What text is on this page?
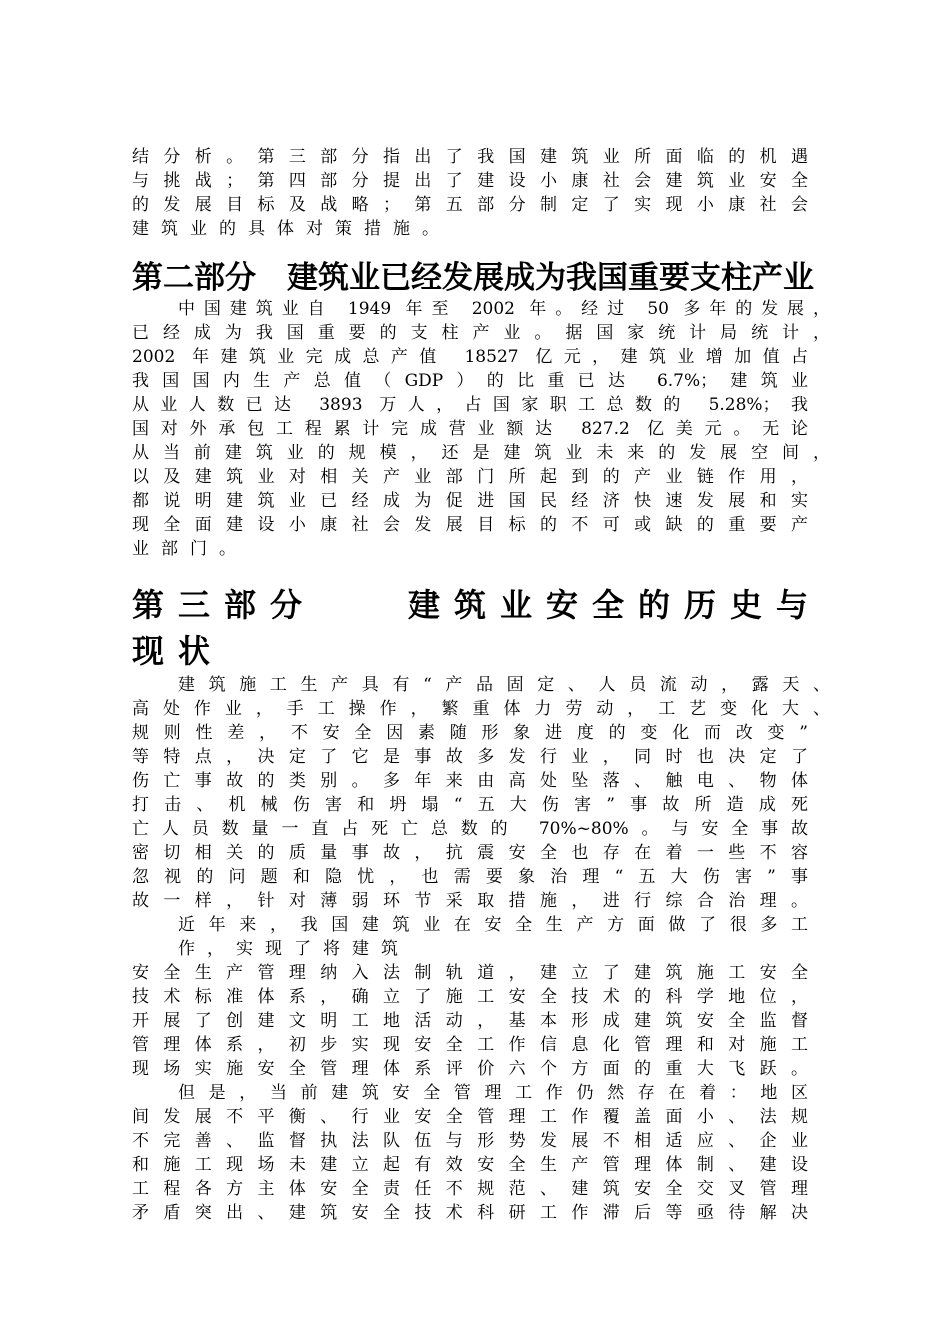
结分析。第三部分指出了我国建筑业所面临的机遇
与挑战；第四部分提出了建设小康社会建筑业安全
的发展目标及战略；第五部分制定了实现小康社会
建筑业的具体对策措施。
第二部分　建筑业已经发展成为我国重要支柱产业
中国建筑业自 1949 年至 2002 年。经过 50 多年的发展，
已经成为我国重要的支柱产业。据国家统计局统计，
2002 年建筑业完成总产值 18527 亿元，建筑业增加值占
我国国内生产总值（GDP）的比重已达 6.7%；建筑业
从业人数已达 3893 万人，占国家职工总数的 5.28%；我
国对外承包工程累计完成营业额达 827.2 亿美元。无论
从当前建筑业的规模，还是建筑业未来的发展空间，
以及建筑业对相关产业部门所起到的产业链作用，
都说明建筑业已经成为促进国民经济快速发展和实
现全面建设小康社会发展目标的不可或缺的重要产
业部门。
第三部分　　建筑业安全的历史与
现状
建筑施工生产具有“产品固定、人员流动，露天、
高处作业，手工操作，繁重体力劳动，工艺变化大、
规则性差，不安全因素随形象进度的变化而改变”
等特点，决定了它是事故多发行业，同时也决定了
伤亡事故的类别。多年来由高处坠落、触电、物体
打击、机械伤害和坍塌“五大伤害”事故所造成死
亡人员数量一直占死亡总数的 70%~80%。与安全事故
密切相关的质量事故，抗震安全也存在着一些不容
忽视的问题和隐忧，也需要象治理“五大伤害”事
故一样，针对薄弱环节采取措施，进行综合治理。
近年来，我国建筑业在安全生产方面做了很多工
作，实现了将建筑
安全生产管理纳入法制轨道，建立了建筑施工安全
技术标准体系，确立了施工安全技术的科学地位，
开展了创建文明工地活动，基本形成建筑安全监督
管理体系，初步实现安全工作信息化管理和对施工
现场实施安全管理体系评价六个方面的重大飞跃。
但是，当前建筑安全管理工作仍然存在着：地区
间发展不平衡、行业安全管理工作覆盖面小、法规
不完善、监督执法队伍与形势发展不相适应、企业
和施工现场未建立起有效安全生产管理体制、建设
工程各方主体安全责任不规范、建筑安全交叉管理
矛盾突出、建筑安全技术科研工作滞后等亟待解决
